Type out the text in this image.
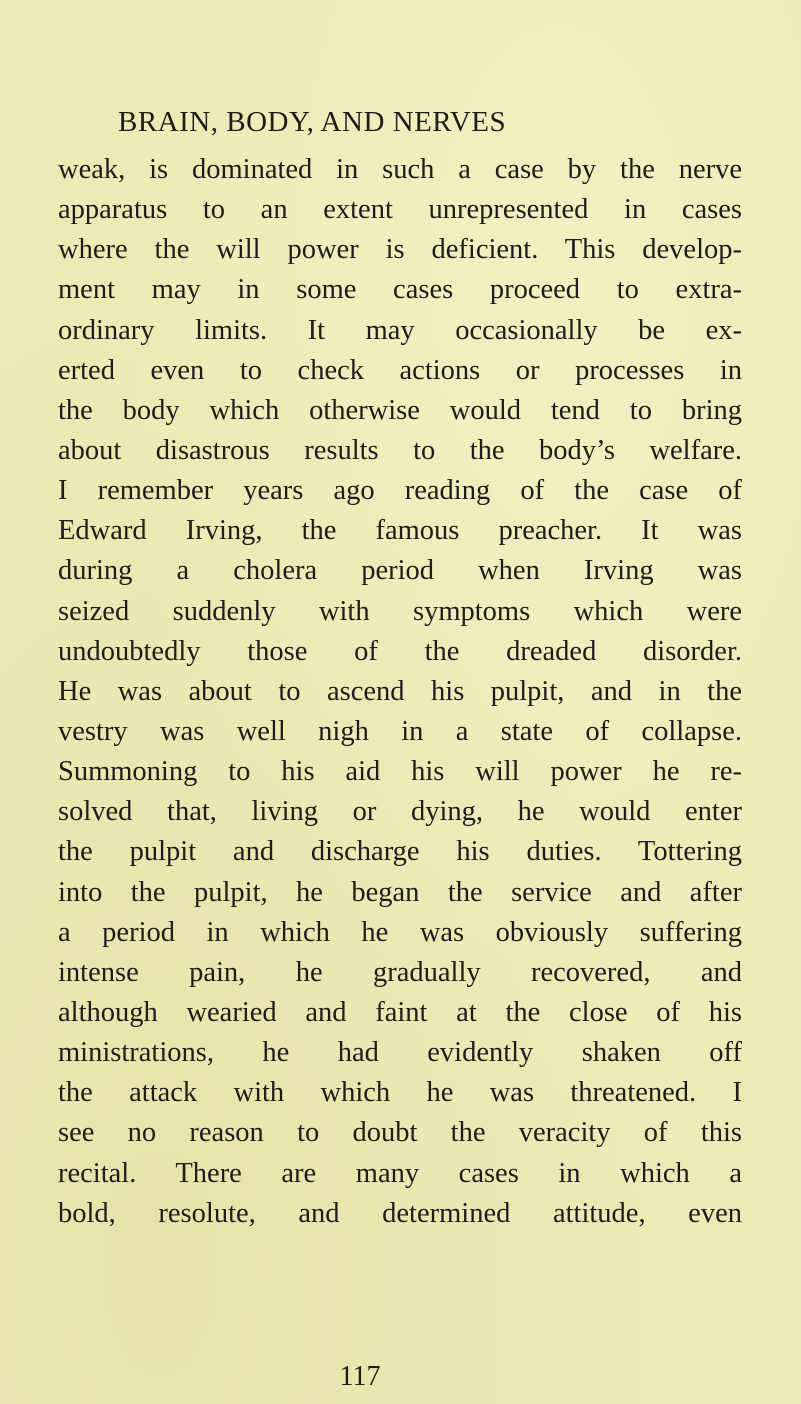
BRAIN, BODY, AND NERVES
weak, is dominated in such a case by the nerve
apparatus to an extent unrepresented in cases
where the will power is deficient. This develop-
ment may in some cases proceed to extra-
ordinary limits. It may occasionally be ex-
erted even to check actions or processes in
the body which otherwise would tend to bring
about disastrous results to the body’s welfare.
I remember years ago reading of the case of
Edward Irving, the famous preacher. It was
during a cholera period when Irving was
seized suddenly with symptoms which were
undoubtedly those of the dreaded disorder.
He was about to ascend his pulpit, and in the
vestry was well nigh in a state of collapse.
Summoning to his aid his will power he re-
solved that, living or dying, he would enter
the pulpit and discharge his duties. Tottering
into the pulpit, he began the service and after
a period in which he was obviously suffering
intense pain, he gradually recovered, and
although wearied and faint at the close of his
ministrations, he had evidently shaken off
the attack with which he was threatened. I
see no reason to doubt the veracity of this
recital. There are many cases in which a
bold, resolute, and determined attitude, even
117
